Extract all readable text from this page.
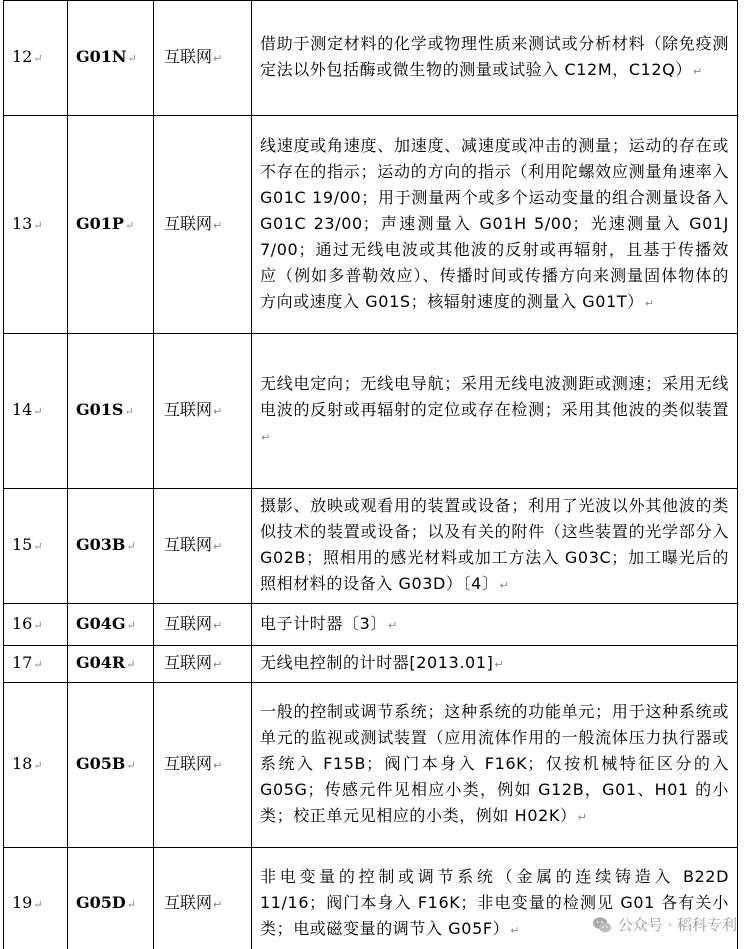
12↵	G01N↵	互联网↵	借助于测定材料的化学或物理性质来测试或分析材料（除免疫测定法以外包括酶或微生物的测量或试验入 C12M，C12Q）↵
13↵	G01P↵	互联网↵	线速度或角速度、加速度、减速度或冲击的测量；运动的存在或不存在的指示；运动的方向的指示（利用陀螺效应测量角速率入 G01C 19/00；用于测量两个或多个运动变量的组合测量设备入 G01C 23/00；声速测量入 G01H 5/00；光速测量入 G01J 7/00；通过无线电波或其他波的反射或再辐射，且基于传播效应（例如多普勒效应）、传播时间或传播方向来测量固体物体的方向或速度入 G01S；核辐射速度的测量入 G01T）↵
14↵	G01S↵	互联网↵	无线电定向；无线电导航；采用无线电波测距或测速；采用无线电波的反射或再辐射的定位或存在检测；采用其他波的类似装置↵
15↵	G03B↵	互联网↵	摄影、放映或观看用的装置或设备；利用了光波以外其他波的类似技术的装置或设备；以及有关的附件（这些装置的光学部分入 G02B；照相用的感光材料或加工方法入 G03C；加工曝光后的照相材料的设备入 G03D）〔4〕↵
16↵	G04G↵	互联网↵	电子计时器〔3〕↵
17↵	G04R↵	互联网↵	无线电控制的计时器[2013.01]↵
18↵	G05B↵	互联网↵	一般的控制或调节系统；这种系统的功能单元；用于这种系统或单元的监视或测试装置（应用流体作用的一般流体压力执行器或系统入 F15B；阀门本身入 F16K；仅按机械特征区分的入 G05G；传感元件见相应小类，例如 G12B，G01、H01 的小类；校正单元见相应的小类，例如 H02K）↵
19↵	G05D↵	互联网↵	非电变量的控制或调节系统（金属的连续铸造入 B22D 11/16；阀门本身入 F16K；非电变量的检测见 G01 各有关小类；电或磁变量的调节入 G05F）↵	公众号 · 稻科专利
